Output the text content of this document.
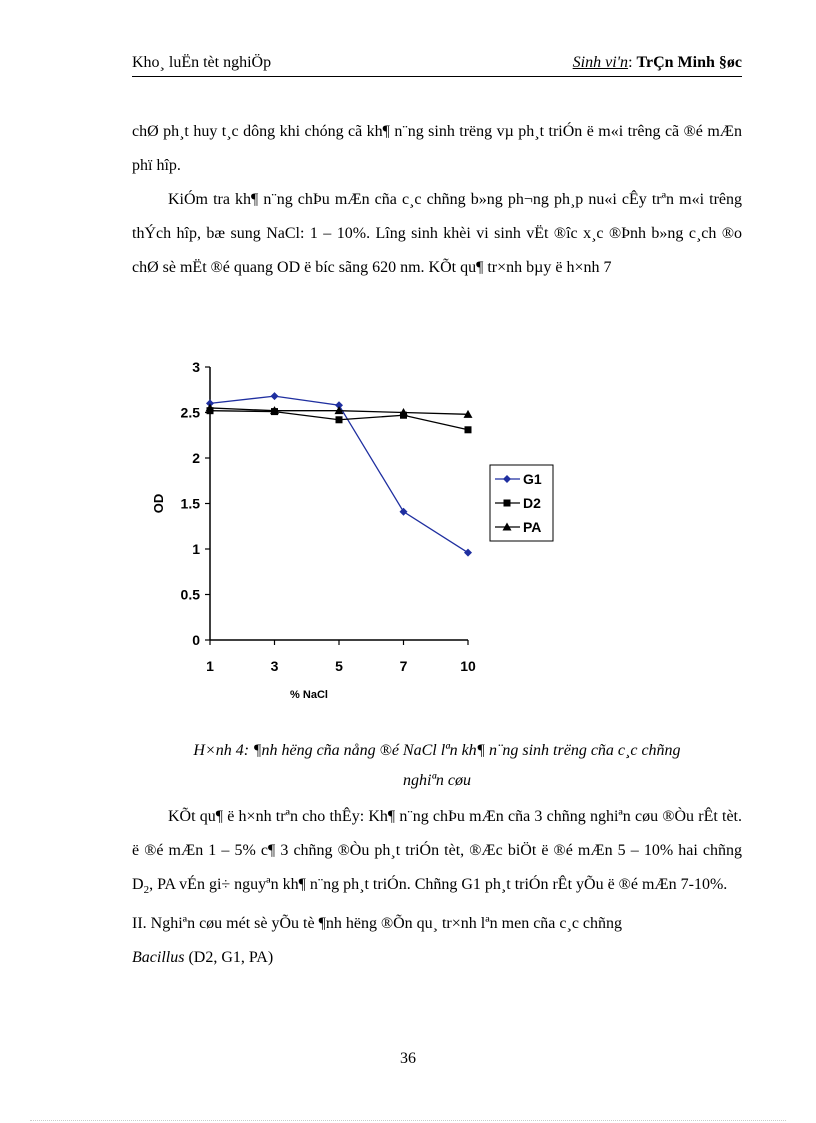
Kho¸ luËn tèt nghiÖp	Sinh vi'n: TrÇn Minh §øc

chØ ph¸t huy t¸c dông khi chóng cã kh¶ n¨ng sinh trëng vµ ph¸t triÓn ë m«i trêng cã ®é mÆn phï hîp.

KiÓm tra kh¶ n¨ng chÞu mÆn cña c¸c chñng b»ng ph¬ng ph¸p nu«i cÊy trªn m«i trêng thÝch hîp, bæ sung NaCl: 1 – 10%. Lîng sinh khèi vi sinh vËt ®îc x¸c ®Þnh b»ng c¸ch ®o chØ sè mËt ®é quang OD ë bíc sãng 620 nm. KÕt qu¶ tr×nh bµy ë h×nh 7

% NaCl
OD
0
0.5
1
1.5
2
2.5
3
1	3	5	7	10
G1
D2
PA
H×nh 4: ¶nh hëng cña nång ®é NaCl lªn kh¶ n¨ng sinh trëng cña c¸c chñng
nghiªn cøu

KÕt qu¶ ë h×nh trªn cho thÊy: Kh¶ n¨ng chÞu mÆn cña 3 chñng nghiªn cøu ®Òu rÊt tèt. ë ®é mÆn 1 – 5% c¶ 3 chñng ®Òu ph¸t triÓn tèt, ®Æc biÖt ë ®é mÆn 5 – 10% hai chñng $D_2$, PA vÉn gi÷ nguyªn kh¶ n¨ng ph¸t triÓn. Chñng G1 ph¸t triÓn rÊt yÕu ë ®é mÆn 7-10%.

II. Nghiªn cøu mét sè yÕu tè ¶nh hëng ®Õn qu¸ tr×nh lªn men cña c¸c chñng

Bacillus (D2, G1, PA)

36
